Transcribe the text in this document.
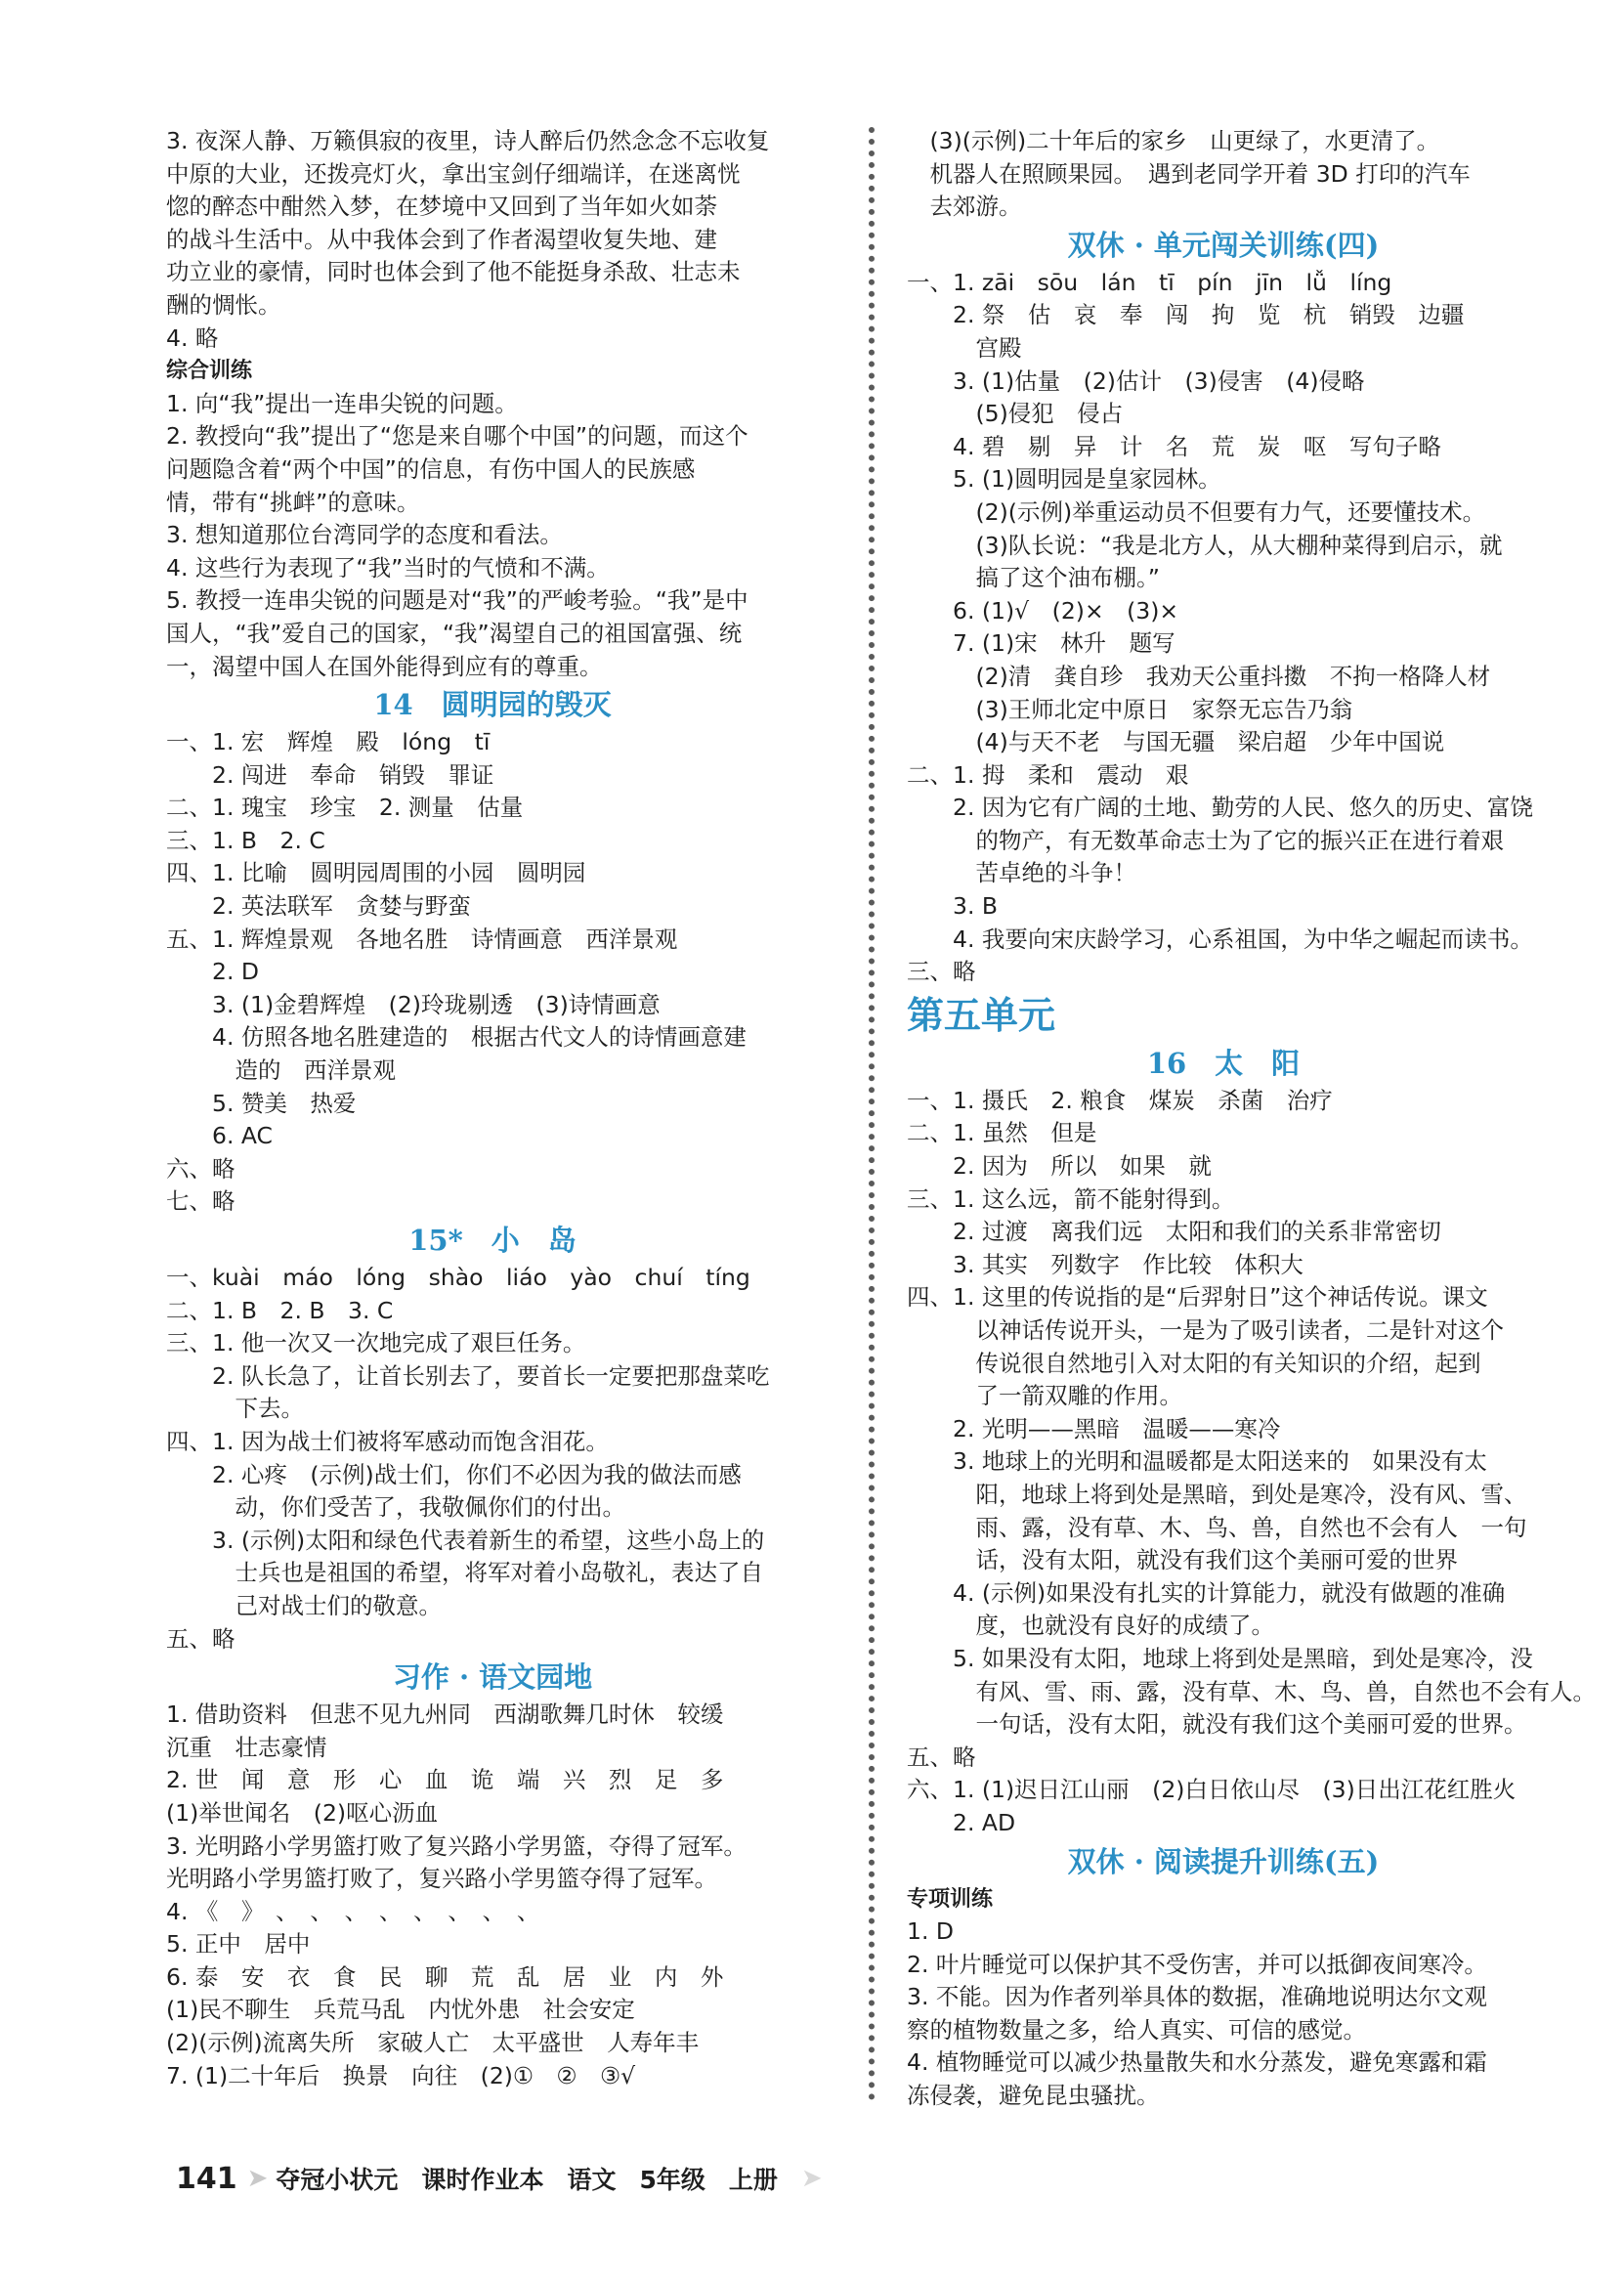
3. 夜深人静、万籁俱寂的夜里，诗人醉后仍然念念不忘收复
中原的大业，还拨亮灯火，拿出宝剑仔细端详，在迷离恍
惚的醉态中酣然入梦，在梦境中又回到了当年如火如荼
的战斗生活中。从中我体会到了作者渴望收复失地、建
功立业的豪情，同时也体会到了他不能挺身杀敌、壮志未
酬的惆怅。
4. 略
综合训练
1. 向“我”提出一连串尖锐的问题。
2. 教授向“我”提出了“您是来自哪个中国”的问题，而这个
问题隐含着“两个中国”的信息，有伤中国人的民族感
情，带有“挑衅”的意味。
3. 想知道那位台湾同学的态度和看法。
4. 这些行为表现了“我”当时的气愤和不满。
5. 教授一连串尖锐的问题是对“我”的严峻考验。“我”是中
国人，“我”爱自己的国家，“我”渴望自己的祖国富强、统
一，渴望中国人在国外能得到应有的尊重。
14　圆明园的毁灭
一、1. 宏　辉煌　殿　lóng　tī
　　2. 闯进　奉命　销毁　罪证
二、1. 瑰宝　珍宝　2. 测量　估量
三、1. B　2. C
四、1. 比喻　圆明园周围的小园　圆明园
　　2. 英法联军　贪婪与野蛮
五、1. 辉煌景观　各地名胜　诗情画意　西洋景观
　　2. D
　　3. (1)金碧辉煌　(2)玲珑剔透　(3)诗情画意
　　4. 仿照各地名胜建造的　根据古代文人的诗情画意建
　　　造的　西洋景观
　　5. 赞美　热爱
　　6. AC
六、略
七、略
15*　小　岛
一、kuài　máo　lóng　shào　liáo　yào　chuí　tíng
二、1. B　2. B　3. C
三、1. 他一次又一次地完成了艰巨任务。
　　2. 队长急了，让首长别去了，要首长一定要把那盘菜吃
　　　下去。
四、1. 因为战士们被将军感动而饱含泪花。
　　2. 心疼　(示例)战士们，你们不必因为我的做法而感
　　　动，你们受苦了，我敬佩你们的付出。
　　3. (示例)太阳和绿色代表着新生的希望，这些小岛上的
　　　士兵也是祖国的希望，将军对着小岛敬礼，表达了自
　　　己对战士们的敬意。
五、略
习作 · 语文园地
1. 借助资料　但悲不见九州同　西湖歌舞几时休　较缓
沉重　壮志豪情
2. 世　闻　意　形　心　血　诡　端　兴　烈　足　多
(1)举世闻名　(2)呕心沥血
3. 光明路小学男篮打败了复兴路小学男篮，夺得了冠军。
光明路小学男篮打败了，复兴路小学男篮夺得了冠军。
4. 《　》　、　、　、　、　、　、　、　、
5. 正中　居中
6. 泰　安　衣　食　民　聊　荒　乱　居　业　内　外
(1)民不聊生　兵荒马乱　内忧外患　社会安定
(2)(示例)流离失所　家破人亡　太平盛世　人寿年丰
7. (1)二十年后　换景　向往　(2)①　②　③√
　(3)(示例)二十年后的家乡　山更绿了，水更清了。
　机器人在照顾果园。　遇到老同学开着 3D 打印的汽车
　去郊游。
双休 · 单元闯关训练(四)
一、1. zāi　sōu　lán　tī　pín　jīn　lǚ　líng
　　2. 祭　估　哀　奉　闯　拘　览　杭　销毁　边疆
　　　宫殿
　　3. (1)估量　(2)估计　(3)侵害　(4)侵略
　　　(5)侵犯　侵占
　　4. 碧　剔　异　计　名　荒　炭　呕　写句子略
　　5. (1)圆明园是皇家园林。
　　　(2)(示例)举重运动员不但要有力气，还要懂技术。
　　　(3)队长说：“我是北方人，从大棚种菜得到启示，就
　　　搞了这个油布棚。”
　　6. (1)√　(2)×　(3)×
　　7. (1)宋　林升　题写
　　　(2)清　龚自珍　我劝天公重抖擞　不拘一格降人材
　　　(3)王师北定中原日　家祭无忘告乃翁
　　　(4)与天不老　与国无疆　梁启超　少年中国说
二、1. 拇　柔和　震动　艰
　　2. 因为它有广阔的土地、勤劳的人民、悠久的历史、富饶
　　　的物产，有无数革命志士为了它的振兴正在进行着艰
　　　苦卓绝的斗争！
　　3. B
　　4. 我要向宋庆龄学习，心系祖国，为中华之崛起而读书。
三、略
第五单元
16　太　阳
一、1. 摄氏　2. 粮食　煤炭　杀菌　治疗
二、1. 虽然　但是
　　2. 因为　所以　如果　就
三、1. 这么远，箭不能射得到。
　　2. 过渡　离我们远　太阳和我们的关系非常密切
　　3. 其实　列数字　作比较　体积大
四、1. 这里的传说指的是“后羿射日”这个神话传说。课文
　　　以神话传说开头，一是为了吸引读者，二是针对这个
　　　传说很自然地引入对太阳的有关知识的介绍，起到
　　　了一箭双雕的作用。
　　2. 光明——黑暗　温暖——寒冷
　　3. 地球上的光明和温暖都是太阳送来的　如果没有太
　　　阳，地球上将到处是黑暗，到处是寒冷，没有风、雪、
　　　雨、露，没有草、木、鸟、兽，自然也不会有人　一句
　　　话，没有太阳，就没有我们这个美丽可爱的世界
　　4. (示例)如果没有扎实的计算能力，就没有做题的准确
　　　度，也就没有良好的成绩了。
　　5. 如果没有太阳，地球上将到处是黑暗，到处是寒冷，没
　　　有风、雪、雨、露，没有草、木、鸟、兽，自然也不会有人。
　　　一句话，没有太阳，就没有我们这个美丽可爱的世界。
五、略
六、1. (1)迟日江山丽　(2)白日依山尽　(3)日出江花红胜火
　　2. AD
双休 · 阅读提升训练(五)
专项训练
1. D
2. 叶片睡觉可以保护其不受伤害，并可以抵御夜间寒冷。
3. 不能。因为作者列举具体的数据，准确地说明达尔文观
察的植物数量之多，给人真实、可信的感觉。
4. 植物睡觉可以减少热量散失和水分蒸发，避免寒露和霜
冻侵袭，避免昆虫骚扰。
141 ➤ 夺冠小状元 课时作业本 语文 5年级 上册 ➤
